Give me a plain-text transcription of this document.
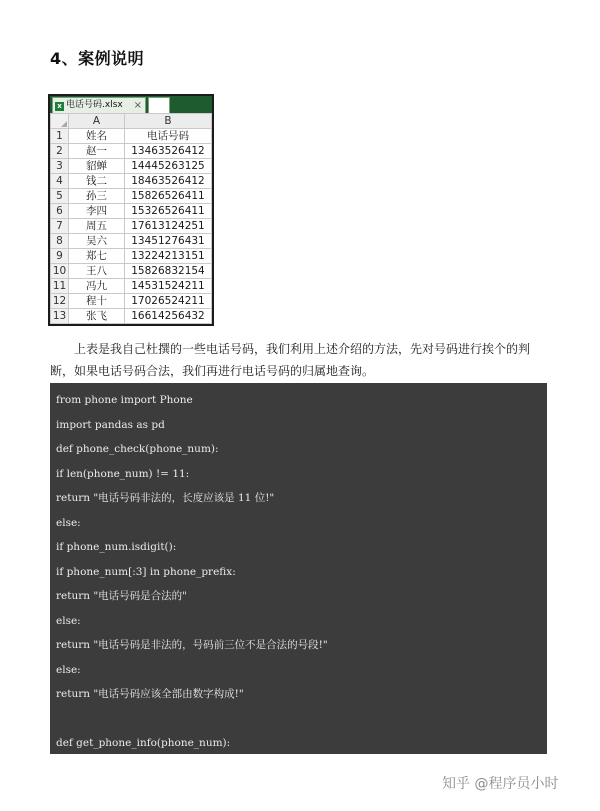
4、案例说明
x 电话号码.xlsx ×
	A	B
1	姓名	电话号码
2	赵一	13463526412
3	貂蝉	14445263125
4	钱二	18463526412
5	孙三	15826526411
6	李四	15326526411
7	周五	17613124251
8	吴六	13451276431
9	郑七	13224213151
10	王八	15826832154
11	冯九	14531524211
12	程十	17026524211
13	张飞	16614256432

上表是我自己杜撰的一些电话号码，我们利用上述介绍的方法，先对号码进行挨个的判断，如果电话号码合法，我们再进行电话号码的归属地查询。

from phone import Phone
import pandas as pd
def phone_check(phone_num):
if len(phone_num) != 11:
return "电话号码非法的，长度应该是 11 位!"
else:
if phone_num.isdigit():
if phone_num[:3] in phone_prefix:
return "电话号码是合法的"
else:
return "电话号码是非法的，号码前三位不是合法的号段!"
else:
return "电话号码应该全部由数字构成!"
def get_phone_info(phone_num):
知乎 @程序员小时
